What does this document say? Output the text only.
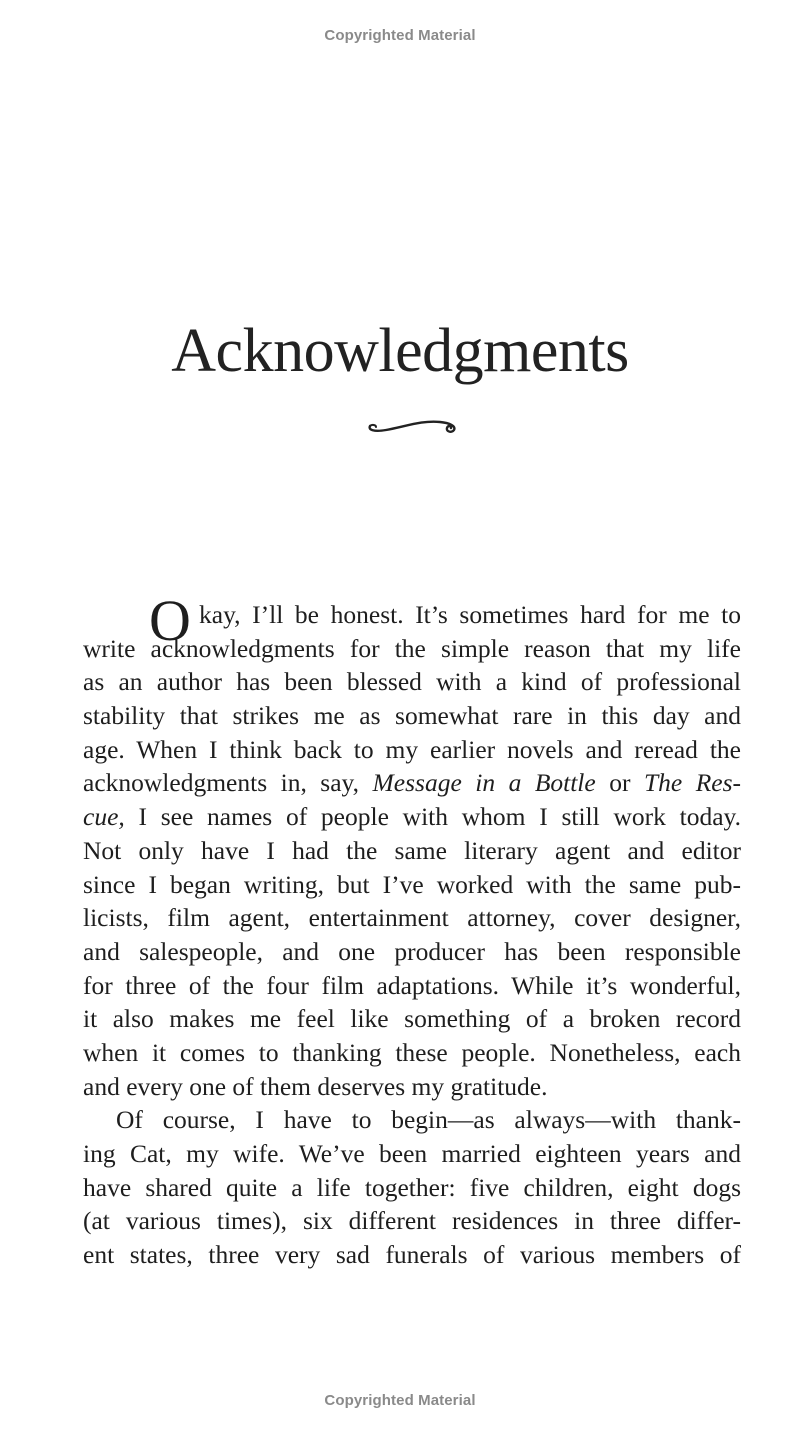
Copyrighted Material
Acknowledgments
O kay, I’ll be honest. It’s sometimes hard for me to
write acknowledgments for the simple reason that my life
as an author has been blessed with a kind of professional
stability that strikes me as somewhat rare in this day and
age. When I think back to my earlier novels and reread the
acknowledgments in, say, Message in a Bottle or The Res-
cue, I see names of people with whom I still work today.
Not only have I had the same literary agent and editor
since I began writing, but I’ve worked with the same pub-
licists, film agent, entertainment attorney, cover designer,
and salespeople, and one producer has been responsible
for three of the four film adaptations. While it’s wonderful,
it also makes me feel like something of a broken record
when it comes to thanking these people. Nonetheless, each
and every one of them deserves my gratitude.
Of course, I have to begin—as always—with thank-
ing Cat, my wife. We’ve been married eighteen years and
have shared quite a life together: five children, eight dogs
(at various times), six different residences in three differ-
ent states, three very sad funerals of various members of
Copyrighted Material
